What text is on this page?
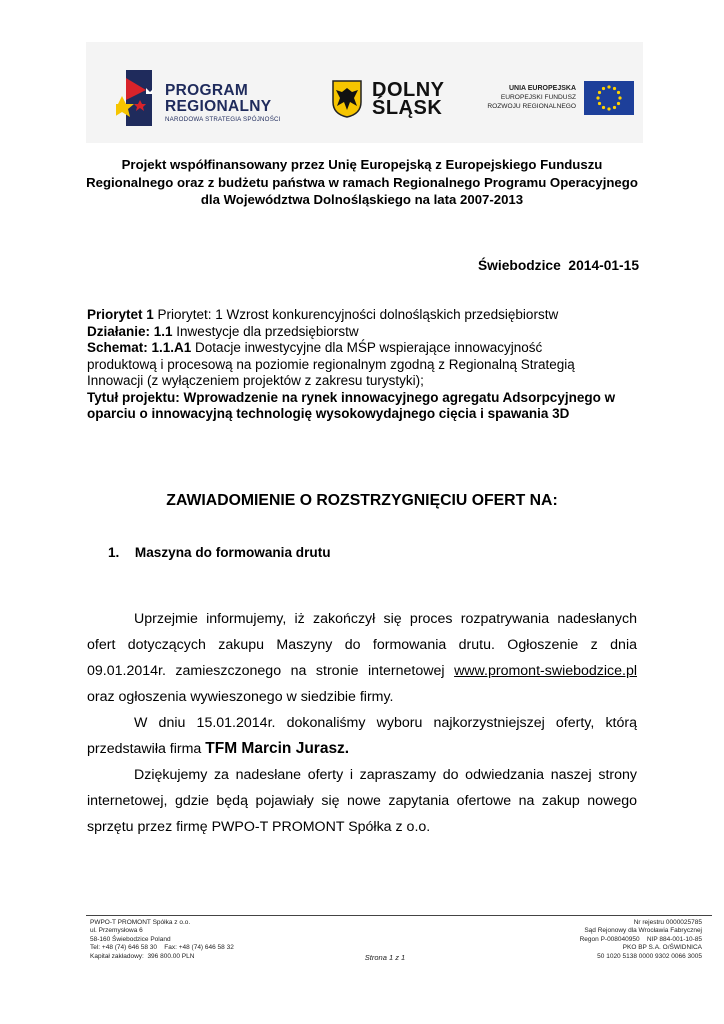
PROGRAM
REGIONALNY
NARODOWA STRATEGIA SPÓJNOŚCI
DOLNY
ŚLĄSK
UNIA EUROPEJSKA
EUROPEJSKI FUNDUSZ
ROZWOJU REGIONALNEGO
Projekt współfinansowany przez Unię Europejską z Europejskiego Funduszu Regionalnego oraz z budżetu państwa w ramach Regionalnego Programu Operacyjnego dla Województwa Dolnośląskiego na lata 2007-2013
Świebodzice  2014-01-15
Priorytet 1 Priorytet: 1 Wzrost konkurencyjności dolnośląskich przedsiębiorstw
Działanie: 1.1 Inwestycje dla przedsiębiorstw
Schemat: 1.1.A1 Dotacje inwestycyjne dla MŚP wspierające innowacyjność produktową i procesową na poziomie regionalnym zgodną z Regionalną Strategią Innowacji (z wyłączeniem projektów z zakresu turystyki);
Tytuł projektu: Wprowadzenie na rynek innowacyjnego agregatu Adsorpcyjnego w oparciu o innowacyjną technologię wysokowydajnego cięcia i spawania 3D
ZAWIADOMIENIE O ROZSTRZYGNIĘCIU OFERT NA:
1. Maszyna do formowania drutu
Uprzejmie informujemy, iż zakończył się proces rozpatrywania nadesłanych ofert dotyczących zakupu Maszyny do formowania drutu. Ogłoszenie z dnia 09.01.2014r. zamieszczonego na stronie internetowej www.promont-swiebodzice.pl oraz ogłoszenia wywieszonego w siedzibie firmy.
W dniu 15.01.2014r. dokonaliśmy wyboru najkorzystniejszej oferty, którą przedstawiła firma TFM Marcin Jurasz.
Dziękujemy za nadesłane oferty i zapraszamy do odwiedzania naszej strony internetowej, gdzie będą pojawiały się nowe zapytania ofertowe na zakup nowego sprzętu przez firmę PWPO-T PROMONT Spółka z o.o.
PWPO-T PROMONT Spółka z o.o.
ul. Przemysłowa 6
58-160 Świebodzice Poland
Tel: +48 (74) 646 58 30    Fax: +48 (74) 646 58 32
Kapitał zakładowy:  396 800.00 PLN	Strona 1 z 1
Nr rejestru 0000025785
Sąd Rejonowy dla Wrocławia Fabrycznej
Regon P-008040950    NIP 884-001-10-85
PKO BP S.A. O/ŚWIDNICA
50 1020 5138 0000 9302 0066 3005
